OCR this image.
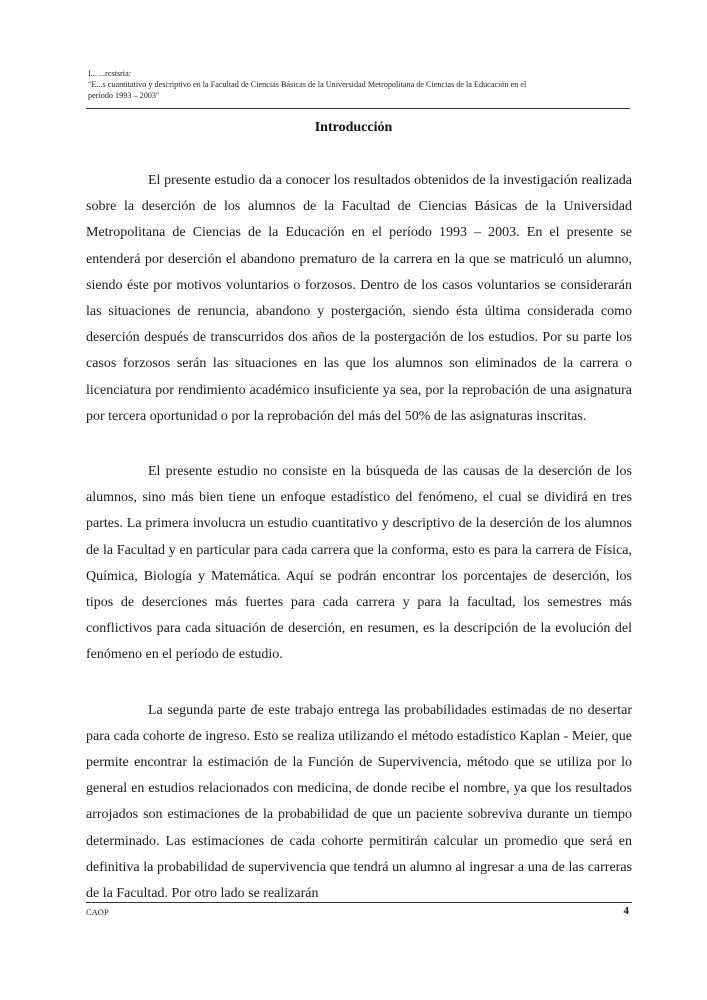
I... ...rcstsria:
"E...s cuantitativo y descriptivo en la Facultad de Ciencias Básicas de la Universidad Metropolitana de Ciencias de la Educación en el
período 1993 – 2003"
Introducción

El presente estudio da a conocer los resultados obtenidos de la investigación realizada sobre la deserción de los alumnos de la Facultad de Ciencias Básicas de la Universidad Metropolitana de Ciencias de la Educación en el período 1993 – 2003. En el presente se entenderá por deserción el abandono prematuro de la carrera en la que se matriculó un alumno, siendo éste por motivos voluntarios o forzosos. Dentro de los casos voluntarios se considerarán las situaciones de renuncia, abandono y postergación, siendo ésta última considerada como deserción después de transcurridos dos años de la postergación de los estudios. Por su parte los casos forzosos serán las situaciones en las que los alumnos son eliminados de la carrera o licenciatura por rendimiento académico insuficiente ya sea, por la reprobación de una asignatura por tercera oportunidad o por la reprobación del más del 50% de las asignaturas inscritas.

El presente estudio no consiste en la búsqueda de las causas de la deserción de los alumnos, sino más bien tiene un enfoque estadístico del fenómeno, el cual se dividirá en tres partes. La primera involucra un estudio cuantitativo y descriptivo de la deserción de los alumnos de la Facultad y en particular para cada carrera que la conforma, esto es para la carrera de Física, Química, Biología y Matemática. Aquí se podrán encontrar los porcentajes de deserción, los tipos de deserciones más fuertes para cada carrera y para la facultad, los semestres más conflictivos para cada situación de deserción, en resumen, es la descripción de la evolución del fenómeno en el período de estudio.

La segunda parte de este trabajo entrega las probabilidades estimadas de no desertar para cada cohorte de ingreso. Esto se realiza utilizando el método estadístico Kaplan - Meier, que permite encontrar la estimación de la Función de Supervivencia, método que se utiliza por lo general en estudios relacionados con medicina, de donde recibe el nombre, ya que los resultados arrojados son estimaciones de la probabilidad de que un paciente sobreviva durante un tiempo determinado. Las estimaciones de cada cohorte permitirán calcular un promedio que será en definitiva la probabilidad de supervivencia que tendrá un alumno al ingresar a una de las carreras de la Facultad. Por otro lado se realizarán

CAOP	4
